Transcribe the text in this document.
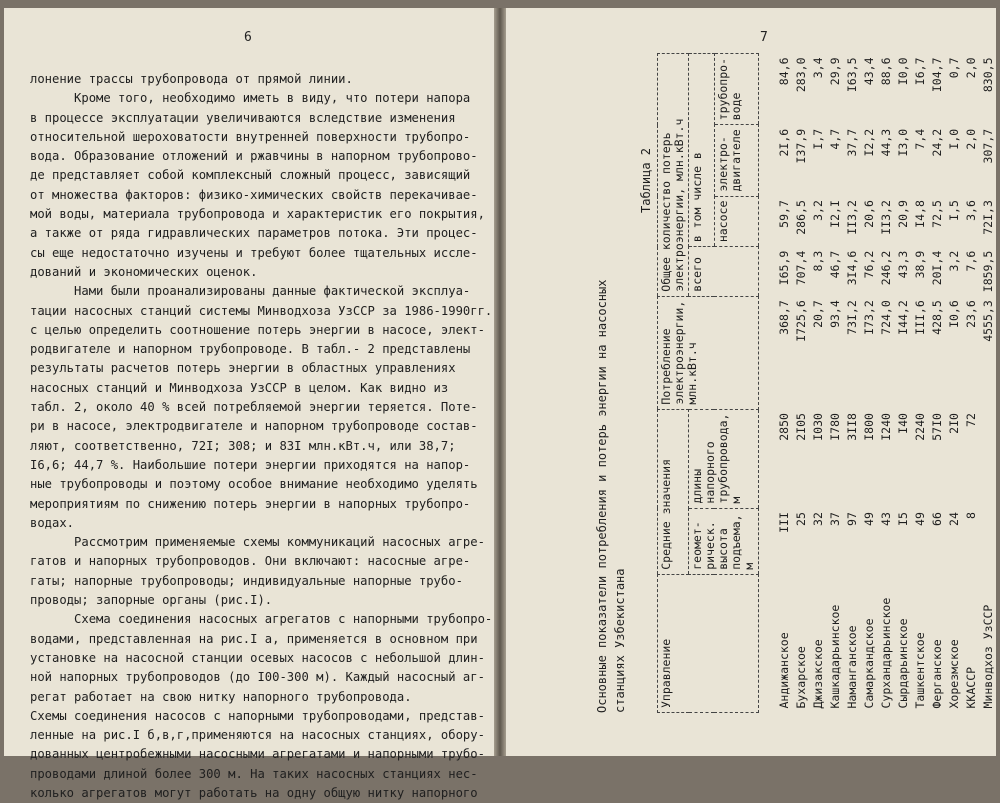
6
лонение трассы трубопровода от прямой линии.
Кроме того, необходимо иметь в виду, что потери напора
в процессе эксплуатации увеличиваются вследствие изменения
относительной шероховатости внутренней поверхности трубопро-
вода. Образование отложений и ржавчины в напорном трубопрово-
де представляет собой комплексный сложный процесс, зависящий
от множества факторов: физико-химических свойств перекачивае-
мой воды, материала трубопровода и характеристик его покрытия,
а также от ряда гидравлических параметров потока. Эти процес-
сы еще недостаточно изучены и требуют более тщательных иссле-
дований и экономических оценок.
Нами были проанализированы данные фактической эксплуа-
тации насосных станций системы Минводхоза УзССР за 1986-1990гг.
с целью определить соотношение потерь энергии в насосе, элект-
родвигателе и напорном трубопроводе. В табл.- 2 представлены
результаты расчетов потерь энергии в областных управлениях
насосных станций и Минводхоза УзССР в целом. Как видно из
табл. 2, около 40 % всей потребляемой энергии теряется. Поте-
ри в насосе, электродвигателе и напорном трубопроводе состав-
ляют, соответственно, 72I; 308; и 83I млн.кВт.ч, или 38,7;
I6,6; 44,7 %. Наибольшие потери энергии приходятся на напор-
ные трубопроводы и поэтому особое внимание необходимо уделять
мероприятиям по снижению потерь энергии в напорных трубопро-
водах.
Рассмотрим применяемые схемы коммуникаций насосных агре-
гатов и напорных трубопроводов. Они включают: насосные агре-
гаты; напорные трубопроводы; индивидуальные напорные трубо-
проводы; запорные органы (рис.I).
Схема соединения насосных агрегатов с напорными трубопро-
водами, представленная на рис.I а, применяется в основном при
установке на насосной станции осевых насосов с небольшой длин-
ной напорных трубопроводов (до I00-300 м). Каждый насосный аг-
регат работает на свою нитку напорного трубопровода.
Схемы соединения насосов с напорными трубопроводами, представ-
ленные на рис.I б,в,г,применяются на насосных станциях, обору-
дованных центробежными насосными агрегатами и напорными трубо-
проводами длиной более 300 м. На таких насосных станциях нес-
колько агрегатов могут работать на одну общую нитку напорного
7
Основные показатели потребления и потерь энергии на насосных станциях Узбекистана
Таблица 2
Управление	Средние значения		Потребление электроэнергии, млн.кВт.ч	Общее количество потерь электроэнергии, млн.кВт.ч			
	геомет-рическ. высота подъема, м	длины напорного трубопровода, м		всего	в том числе в		
					насосе	электро-двигателе	трубопро-воде

Андижанское	III	2850	368,7	I65,9	59,7	2I,6	84,6
Бухарское	25	2I05	I725,6	707,4	286,5	I37,9	283,0
Джизакское	32	I030	20,7	8,3	3,2	I,7	3,4
Кашкадарьинское	37	I780	93,4	46,7	I2,I	4,7	29,9
Наманганское	97	3II8	73I,2	3I4,6	II3,2	37,7	I63,5
Самаркандское	49	I800	I73,2	76,2	20,6	I2,2	43,4
Сурхандарьинское	43	I240	724,0	246,2	II3,2	44,3	88,6
Сырдарьинское	I5	I40	I44,2	43,3	20,9	I3,0	I0,0
Ташкентское	49	2240	III,6	38,9	I4,8	7,4	I6,7
Ферганское	66	57I0	428,5	20I,4	72,5	24,2	I04,7
Хорезмское	24	2I0	I0,6	3,2	I,5	I,0	0,7
ККАССР	8	72	23,6	7,6	3,6	2,0	2,0
Минводхоз УзССР			4555,3	I859,5	72I,3	307,7	830,5
